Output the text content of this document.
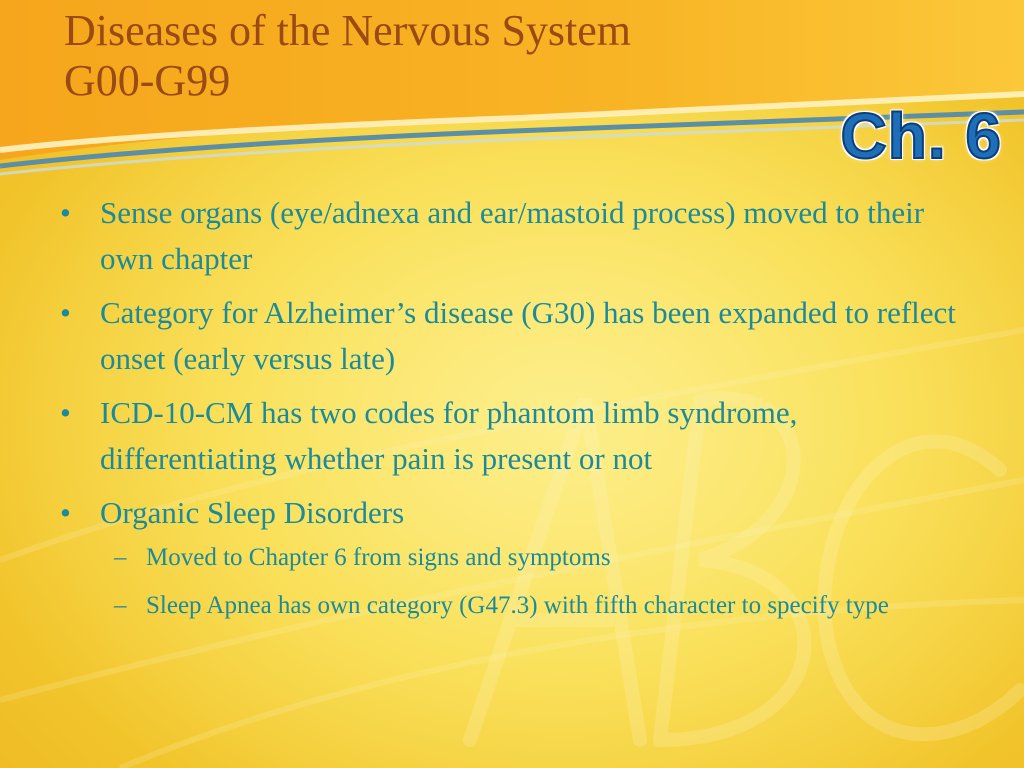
Diseases of the Nervous System
G00-G99
Ch. 6
• Sense organs (eye/adnexa and ear/mastoid process) moved to their own chapter
• Category for Alzheimer’s disease (G30) has been expanded to reflect onset (early versus late)
• ICD-10-CM has two codes for phantom limb syndrome, differentiating whether pain is present or not
• Organic Sleep Disorders
– Moved to Chapter 6 from signs and symptoms
– Sleep Apnea has own category (G47.3) with fifth character to specify type
